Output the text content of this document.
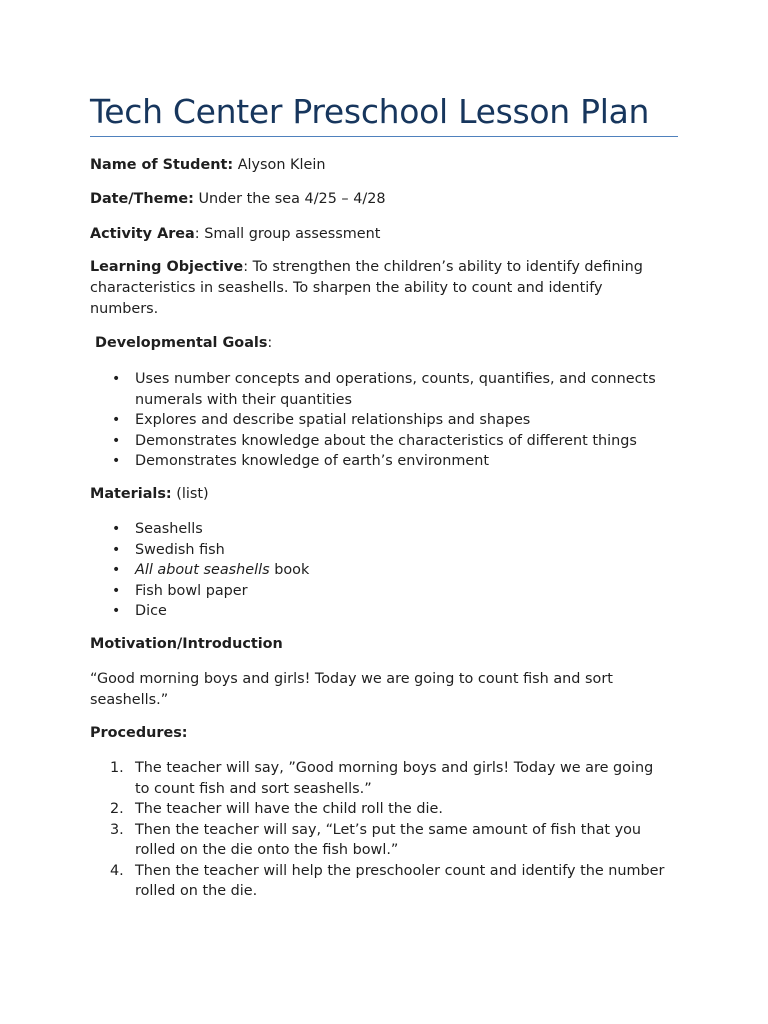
Tech Center Preschool Lesson Plan

Name of Student: Alyson Klein

Date/Theme: Under the sea 4/25 – 4/28

Activity Area: Small group assessment

Learning Objective: To strengthen the children’s ability to identify defining characteristics in seashells. To sharpen the ability to count and identify numbers.

Developmental Goals:

• Uses number concepts and operations, counts, quantifies, and connects numerals with their quantities
• Explores and describe spatial relationships and shapes
• Demonstrates knowledge about the characteristics of different things
• Demonstrates knowledge of earth’s environment

Materials: (list)

• Seashells
• Swedish fish
• All about seashells book
• Fish bowl paper
• Dice

Motivation/Introduction

“Good morning boys and girls! Today we are going to count fish and sort seashells.”

Procedures:

1. The teacher will say, ”Good morning boys and girls! Today we are going to count fish and sort seashells.”
2. The teacher will have the child roll the die.
3. Then the teacher will say, “Let’s put the same amount of fish that you rolled on the die onto the fish bowl.”
4. Then the teacher will help the preschooler count and identify the number rolled on the die.
